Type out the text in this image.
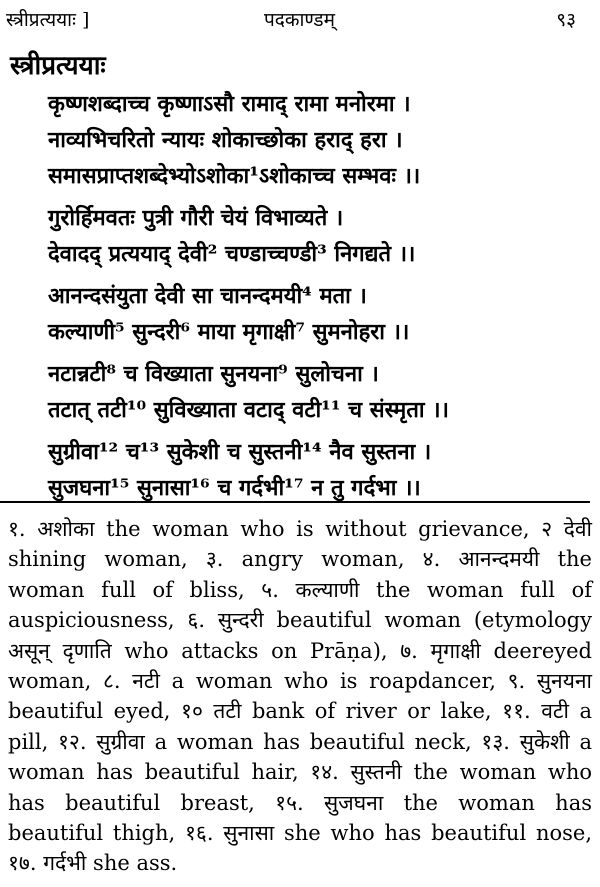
स्त्रीप्रत्ययाः ]	पदकाण्डम्	९३
स्त्रीप्रत्ययाः
कृष्णशब्दाच्च कृष्णाऽसौ रामाद् रामा मनोरमा ।
नाव्यभिचरितो न्यायः शोकाच्छोका हराद् हरा ।
समासप्राप्तशब्देभ्योऽशोका¹ऽशोकाच्च सम्भवः ।।
गुरोर्हिमवतः पुत्री गौरी चेयं विभाव्यते ।
देवादद् प्रत्ययाद् देवी² चण्डाच्चण्डी³ निगद्यते ।।
आनन्दसंयुता देवी सा चानन्दमयी⁴ मता ।
कल्याणी⁵ सुन्दरी⁶ माया मृगाक्षी⁷ सुमनोहरा ।।
नटान्नटी⁸ च विख्याता सुनयना⁹ सुलोचना ।
तटात् तटी¹⁰ सुविख्याता वटाद् वटी¹¹ च संस्मृता ।।
सुग्रीवा¹² च¹³ सुकेशी च सुस्तनी¹⁴ नैव सुस्तना ।
सुजघना¹⁵ सुनासा¹⁶ च गर्दभी¹⁷ न तु गर्दभा ।।

१. अशोका the woman who is without grievance, २ देवी shining woman, ३. angry woman, ४. आनन्दमयी the woman full of bliss, ५. कल्याणी the woman full of auspiciousness, ६. सुन्दरी beautiful woman (etymology असून् दृणाति who attacks on Prāṇa), ७. मृगाक्षी deereyed woman, ८. नटी a woman who is roapdancer, ९. सुनयना beautiful eyed, १० तटी bank of river or lake, ११. वटी a pill, १२. सुग्रीवा a woman has beautiful neck, १३. सुकेशी a woman has beautiful hair, १४. सुस्तनी the woman who has beautiful breast, १५. सुजघना the woman has beautiful thigh, १६. सुनासा she who has beautiful nose, १७. गर्दभी she ass.
